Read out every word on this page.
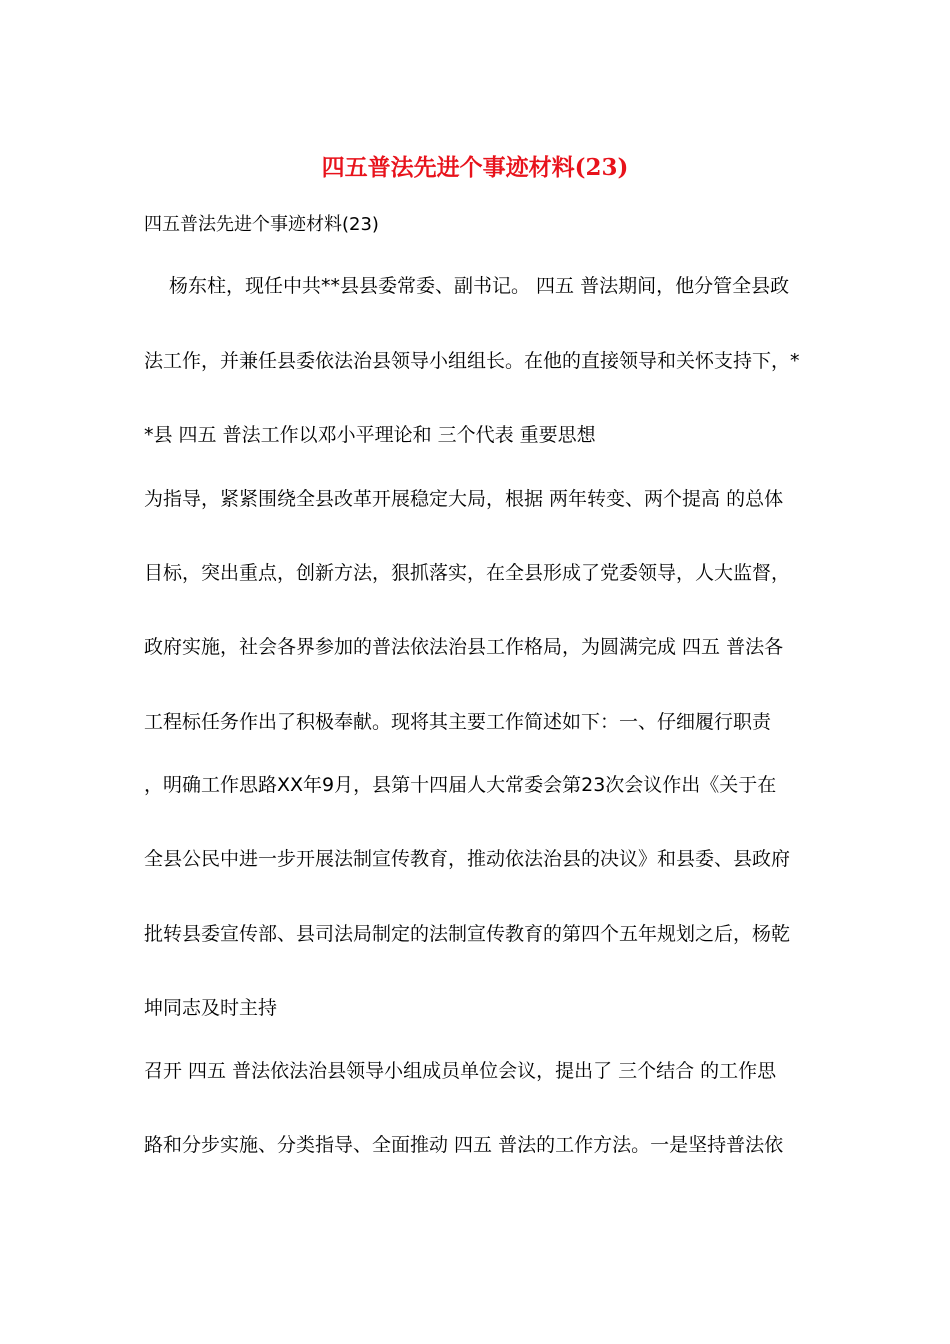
四五普法先进个事迹材料(23)
四五普法先进个事迹材料(23)
　杨东柱，现任中共**县县委常委、副书记。 四五 普法期间，他分管全县政
法工作，并兼任县委依法治县领导小组组长。在他的直接领导和关怀支持下，*
*县 四五 普法工作以邓小平理论和 三个代表 重要思想
为指导，紧紧围绕全县改革开展稳定大局，根据 两年转变、两个提高 的总体
目标，突出重点，创新方法，狠抓落实，在全县形成了党委领导，人大监督，
政府实施，社会各界参加的普法依法治县工作格局，为圆满完成 四五 普法各
工程标任务作出了积极奉献。现将其主要工作简述如下：一、仔细履行职责
，明确工作思路XX年9月，县第十四届人大常委会第23次会议作出《关于在
全县公民中进一步开展法制宣传教育，推动依法治县的决议》和县委、县政府
批转县委宣传部、县司法局制定的法制宣传教育的第四个五年规划之后，杨乾
坤同志及时主持
召开 四五 普法依法治县领导小组成员单位会议，提出了 三个结合 的工作思
路和分步实施、分类指导、全面推动 四五 普法的工作方法。一是坚持普法依
